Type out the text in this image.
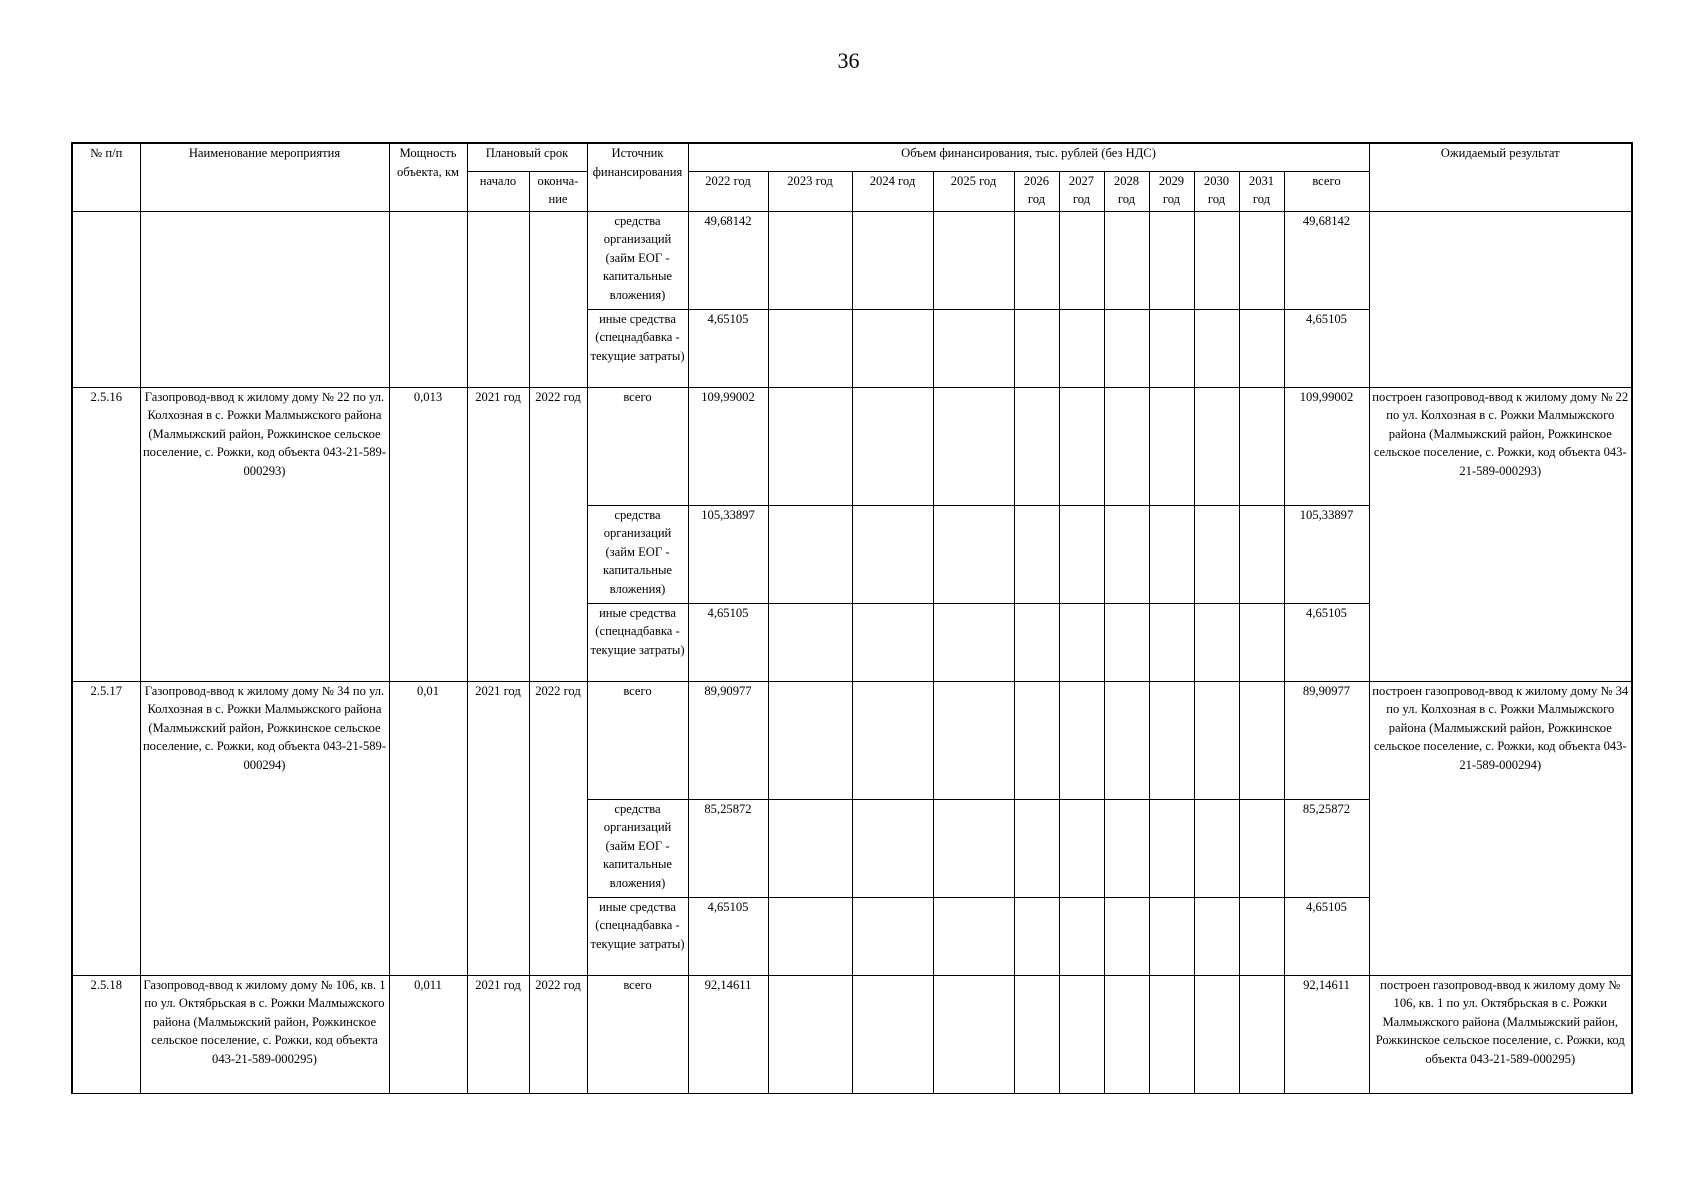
36
№ п/п	Наименование мероприятия	Мощность объекта, км	Плановый срок		Источник финансирования	Объем финансирования, тыс. рублей (без НДС)											Ожидаемый результат
			начало	оконча-ние		2022 год	2023 год	2024 год	2025 год	2026 год	2027 год	2028 год	2029 год	2030 год	2031 год	всего	
					средства организаций (займ ЕОГ - капитальные вложения)	49,68142										49,68142	
					иные средства (спецнадбавка - текущие затраты)	4,65105										4,65105	
2.5.16	Газопровод-ввод к жилому дому № 22 по ул. Колхозная в с. Рожки Малмыжского района (Малмыжский район, Рожкинское сельское поселение, с. Рожки, код объекта 043-21-589-000293)	0,013	2021 год	2022 год	всего	109,99002										109,99002	построен газопровод-ввод к жилому дому № 22 по ул. Колхозная в с. Рожки Малмыжского района (Малмыжский район, Рожкинское сельское поселение, с. Рожки, код объекта 043-21-589-000293)
					средства организаций (займ ЕОГ - капитальные вложения)	105,33897										105,33897	
					иные средства (спецнадбавка - текущие затраты)	4,65105										4,65105	
2.5.17	Газопровод-ввод к жилому дому № 34 по ул. Колхозная в с. Рожки Малмыжского района (Малмыжский район, Рожкинское сельское поселение, с. Рожки, код объекта 043-21-589-000294)	0,01	2021 год	2022 год	всего	89,90977										89,90977	построен газопровод-ввод к жилому дому № 34 по ул. Колхозная в с. Рожки Малмыжского района (Малмыжский район, Рожкинское сельское поселение, с. Рожки, код объекта 043-21-589-000294)
					средства организаций (займ ЕОГ - капитальные вложения)	85,25872										85,25872	
					иные средства (спецнадбавка - текущие затраты)	4,65105										4,65105	
2.5.18	Газопровод-ввод к жилому дому № 106, кв. 1 по ул. Октябрьская в с. Рожки Малмыжского района (Малмыжский район, Рожкинское сельское поселение, с. Рожки, код объекта 043-21-589-000295)	0,011	2021 год	2022 год	всего	92,14611										92,14611	построен газопровод-ввод к жилому дому № 106, кв. 1 по ул. Октябрьская в с. Рожки Малмыжского района (Малмыжский район, Рожкинское сельское поселение, с. Рожки, код объекта 043-21-589-000295)
